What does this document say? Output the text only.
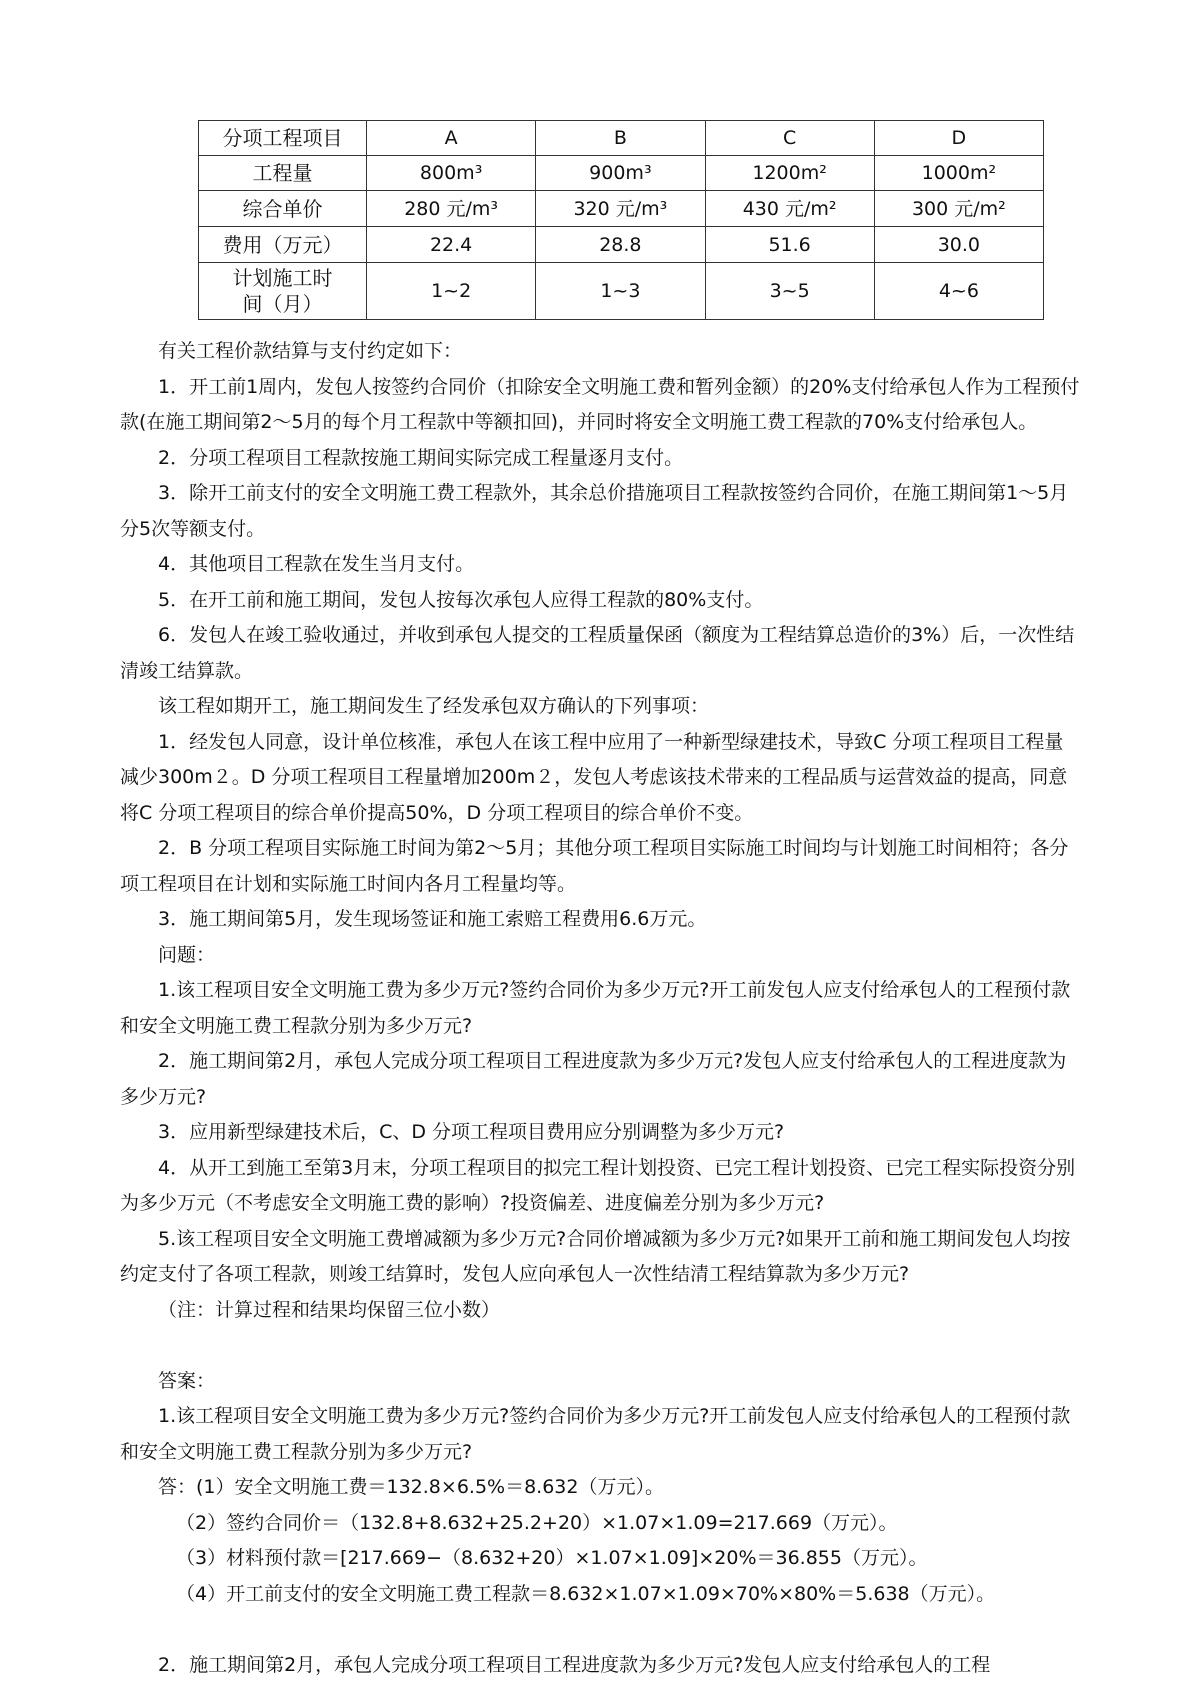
分项工程项目	A	B	C	D
工程量	800m³	900m³	1200m²	1000m²
综合单价	280 元/m³	320 元/m³	430 元/m²	300 元/m²
费用（万元）	22.4	28.8	51.6	30.0
计划施工时间（月）	1~2	1~3	3~5	4~6

有关工程价款结算与支付约定如下：

1．开工前1周内，发包人按签约合同价（扣除安全文明施工费和暂列金额）的20%支付给承包人作为工程预付款(在施工期间第2～5月的每个月工程款中等额扣回)，并同时将安全文明施工费工程款的70%支付给承包人。

2．分项工程项目工程款按施工期间实际完成工程量逐月支付。

3．除开工前支付的安全文明施工费工程款外，其余总价措施项目工程款按签约合同价，在施工期间第1～5月分5次等额支付。

4．其他项目工程款在发生当月支付。

5．在开工前和施工期间，发包人按每次承包人应得工程款的80%支付。

6．发包人在竣工验收通过，并收到承包人提交的工程质量保函（额度为工程结算总造价的3%）后，一次性结清竣工结算款。

该工程如期开工，施工期间发生了经发承包双方确认的下列事项：

1．经发包人同意，设计单位核准，承包人在该工程中应用了一种新型绿建技术，导致C 分项工程项目工程量减少300m２。D 分项工程项目工程量增加200m２，发包人考虑该技术带来的工程品质与运营效益的提高，同意将C 分项工程项目的综合单价提高50%，D 分项工程项目的综合单价不变。

2．B 分项工程项目实际施工时间为第2～5月；其他分项工程项目实际施工时间均与计划施工时间相符；各分项工程项目在计划和实际施工时间内各月工程量均等。

3．施工期间第5月，发生现场签证和施工索赔工程费用6.6万元。

问题：

1.该工程项目安全文明施工费为多少万元?签约合同价为多少万元?开工前发包人应支付给承包人的工程预付款和安全文明施工费工程款分别为多少万元?

2．施工期间第2月，承包人完成分项工程项目工程进度款为多少万元?发包人应支付给承包人的工程进度款为多少万元?

3．应用新型绿建技术后，C、D 分项工程项目费用应分别调整为多少万元?

4．从开工到施工至第3月末，分项工程项目的拟完工程计划投资、已完工程计划投资、已完工程实际投资分别为多少万元（不考虑安全文明施工费的影响）?投资偏差、进度偏差分别为多少万元?

5.该工程项目安全文明施工费增减额为多少万元?合同价增减额为多少万元?如果开工前和施工期间发包人均按约定支付了各项工程款，则竣工结算时，发包人应向承包人一次性结清工程结算款为多少万元?

（注：计算过程和结果均保留三位小数）

答案：

1.该工程项目安全文明施工费为多少万元?签约合同价为多少万元?开工前发包人应支付给承包人的工程预付款和安全文明施工费工程款分别为多少万元?

答：(1）安全文明施工费＝132.8×6.5%＝8.632（万元）。

（2）签约合同价＝（132.8+8.632+25.2+20）×1.07×1.09=217.669（万元）。

（3）材料预付款＝[217.669−（8.632+20）×1.07×1.09]×20%＝36.855（万元）。

（4）开工前支付的安全文明施工费工程款＝8.632×1.07×1.09×70%×80%＝5.638（万元）。

2．施工期间第2月，承包人完成分项工程项目工程进度款为多少万元?发包人应支付给承包人的工程
